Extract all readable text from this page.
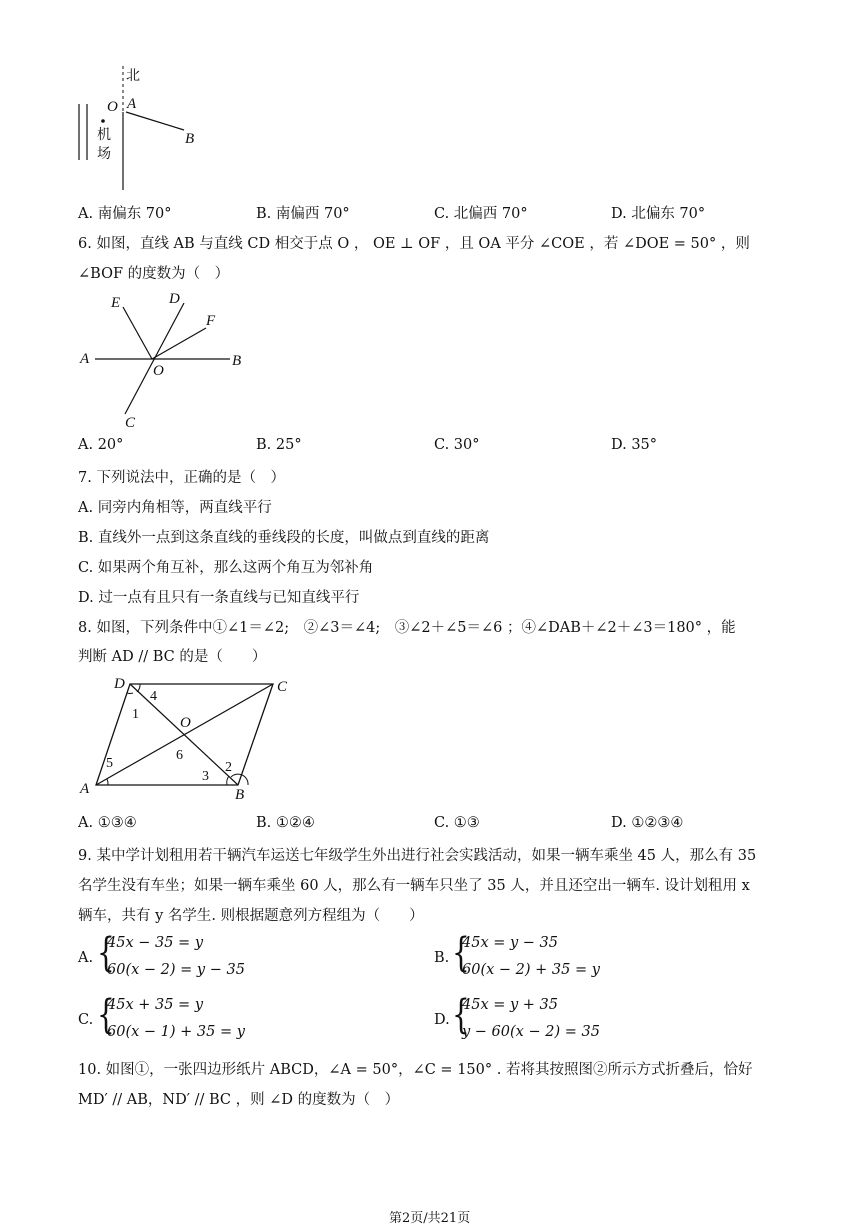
北
O A
B
机
场
A. 南偏东 70°	B. 南偏西 70°	C. 北偏西 70°	D. 北偏东 70°
6. 如图，直线 AB 与直线 CD 相交于点 O ， OE ⊥ OF ，且 OA 平分 ∠COE ，若 ∠DOE = 50° ，则
∠BOF 的度数为（　）
E	D
F
A
O
B
C
A. 20°	B. 25°	C. 30°	D. 35°
7. 下列说法中，正确的是（　）
A. 同旁内角相等，两直线平行
B. 直线外一点到这条直线的垂线段的长度，叫做点到直线的距离
C. 如果两个角互补，那么这两个角互为邻补角
D. 过一点有且只有一条直线与已知直线平行
8. 如图，下列条件中①∠1＝∠2;　②∠3＝∠4;　③∠2＋∠5＝∠6 ；④∠DAB＋∠2＋∠3＝180° ，能
判断 AD // BC 的是（　　）
D	C
A	B
O
1
2
3
4
5
6
A. ①③④	B. ①②④	C. ①③	D. ①②③④
9. 某中学计划租用若干辆汽车运送七年级学生外出进行社会实践活动，如果一辆车乘坐 45 人，那么有 35
名学生没有车坐；如果一辆车乘坐 60 人，那么有一辆车只坐了 35 人，并且还空出一辆车. 设计划租用 x
辆车，共有 y 名学生. 则根据题意列方程组为（　　）
A. {
45x − 35 = y
60(x − 2) = y − 35
B. {
45x = y − 35
60(x − 2) + 35 = y
C. {
45x + 35 = y
60(x − 1) + 35 = y
D. {
45x = y + 35
y − 60(x − 2) = 35
10. 如图①，一张四边形纸片 ABCD，∠A = 50°，∠C = 150° . 若将其按照图②所示方式折叠后，恰好
MD′ // AB，ND′ // BC ，则 ∠D 的度数为（　）
第2页/共21页
